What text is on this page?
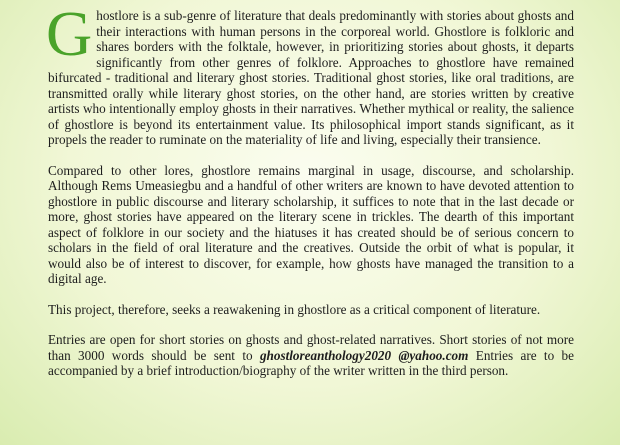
Ghostlore is a sub-genre of literature that deals predominantly with stories about ghosts and their interactions with human persons in the corporeal world. Ghostlore is folkloric and shares borders with the folktale, however, in prioritizing stories about ghosts, it departs significantly from other genres of folklore. Approaches to ghostlore have remained bifurcated - traditional and literary ghost stories. Traditional ghost stories, like oral traditions, are transmitted orally while literary ghost stories, on the other hand, are stories written by creative artists who intentionally employ ghosts in their narratives. Whether mythical or reality, the salience of ghostlore is beyond its entertainment value. Its philosophical import stands significant, as it propels the reader to ruminate on the materiality of life and living, especially their transience.

Compared to other lores, ghostlore remains marginal in usage, discourse, and scholarship. Although Rems Umeasiegbu and a handful of other writers are known to have devoted attention to ghostlore in public discourse and literary scholarship, it suffices to note that in the last decade or more, ghost stories have appeared on the literary scene in trickles. The dearth of this important aspect of folklore in our society and the hiatuses it has created should be of serious concern to scholars in the field of oral literature and the creatives. Outside the orbit of what is popular, it would also be of interest to discover, for example, how ghosts have managed the transition to a digital age.

This project, therefore, seeks a reawakening in ghostlore as a critical component of literature.

Entries are open for short stories on ghosts and ghost-related narratives. Short stories of not more than 3000 words should be sent to ghostloreanthology2020 @yahoo.com Entries are to be accompanied by a brief introduction/biography of the writer written in the third person.
